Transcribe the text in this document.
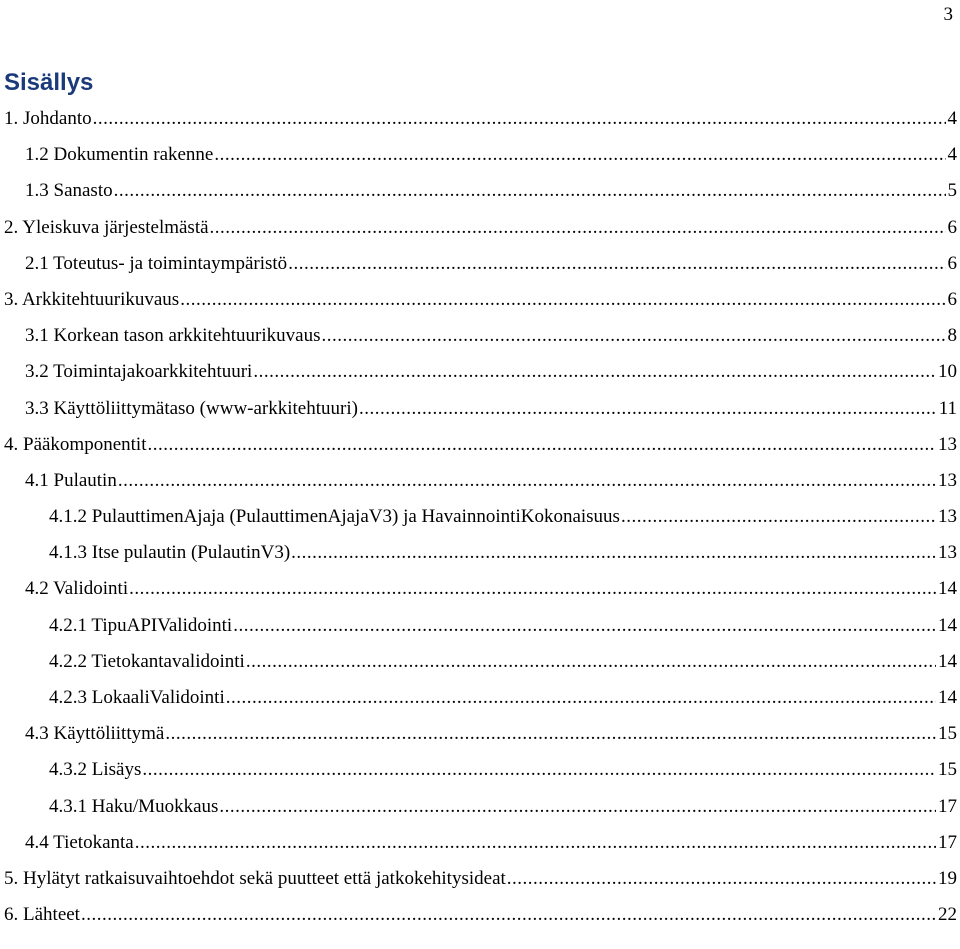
3
Sisällys
1. Johdanto .....	4
1.2 Dokumentin rakenne .....	4
1.3 Sanasto .....	5
2. Yleiskuva järjestelmästä .....	6
2.1 Toteutus- ja toimintaympäristö .....	6
3. Arkkitehtuurikuvaus .....	6
3.1 Korkean tason arkkitehtuurikuvaus .....	8
3.2 Toimintajakoarkkitehtuuri .....	10
3.3 Käyttöliittymätaso (www-arkkitehtuuri) .....	11
4. Pääkomponentit .....	13
4.1 Pulautin .....	13
4.1.2 PulauttimenAjaja (PulauttimenAjajaV3) ja HavainnointiKokonaisuus .....	13
4.1.3 Itse pulautin (PulautinV3) .....	13
4.2 Validointi .....	14
4.2.1 TipuAPIValidointi .....	14
4.2.2 Tietokantavalidointi .....	14
4.2.3 LokaaliValidointi .....	14
4.3 Käyttöliittymä .....	15
4.3.2 Lisäys .....	15
4.3.1 Haku/Muokkaus .....	17
4.4 Tietokanta .....	17
5. Hylätyt ratkaisuvaihtoehdot sekä puutteet että jatkokehitysideat .....	19
6. Lähteet .....	22
